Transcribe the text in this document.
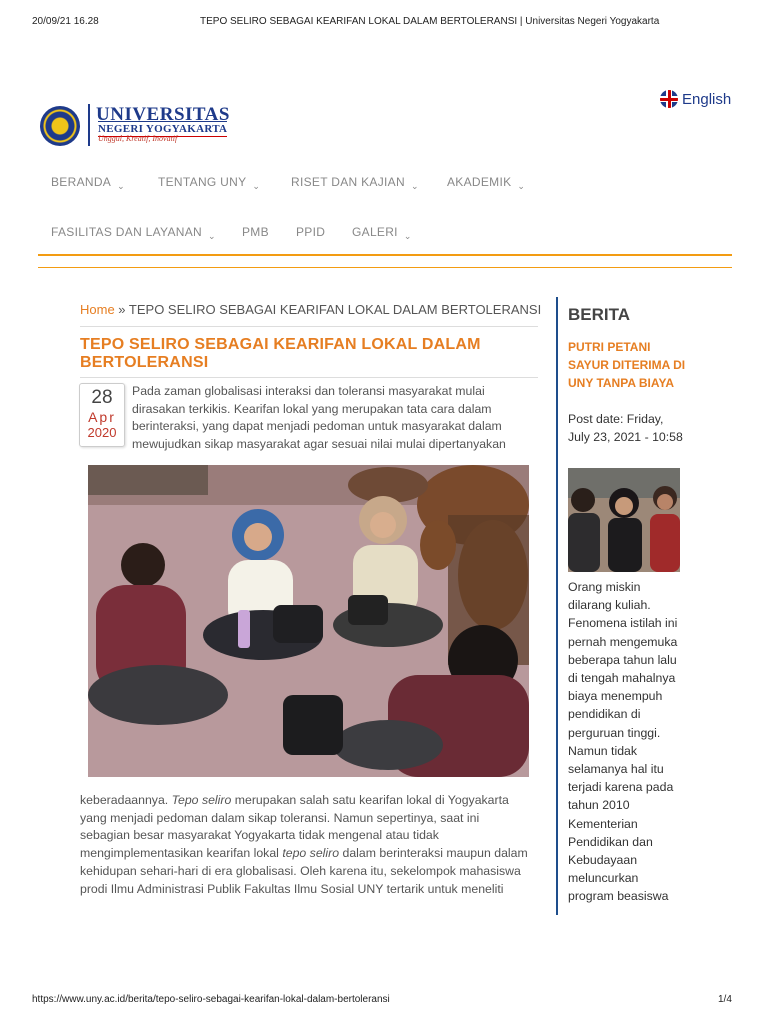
20/09/21 16.28	TEPO SELIRO SEBAGAI KEARIFAN LOKAL DALAM BERTOLERANSI | Universitas Negeri Yogyakarta
UNIVERSITAS
NEGERI YOGYAKARTA
Unggul, Kreatif, Inovatif
English
BERANDA $_⌄$	TENTANG UNY $_⌄$	RISET DAN KAJIAN $_⌄$ AKADEMIK $_⌄$
FASILITAS DAN LAYANAN $_⌄$ PMB PPID GALERI $_⌄$
Home » TEPO SELIRO SEBAGAI KEARIFAN LOKAL DALAM BERTOLERANSI
TEPO SELIRO SEBAGAI KEARIFAN LOKAL DALAM BERTOLERANSI
28
Apr
2020
Pada zaman globalisasi interaksi dan toleransi masyarakat mulai
dirasakan terkikis. Kearifan lokal yang merupakan tata cara dalam
berinteraksi, yang dapat menjadi pedoman untuk masyarakat dalam
mewujudkan sikap masyarakat agar sesuai nilai mulai dipertanyakan
keberadaannya. Tepo seliro merupakan salah satu kearifan lokal di Yogyakarta
yang menjadi pedoman dalam sikap toleransi. Namun sepertinya, saat ini
sebagian besar masyarakat Yogyakarta tidak mengenal atau tidak
mengimplementasikan kearifan lokal tepo seliro dalam berinteraksi maupun dalam
kehidupan sehari-hari di era globalisasi. Oleh karena itu, sekelompok mahasiswa
prodi Ilmu Administrasi Publik Fakultas Ilmu Sosial UNY tertarik untuk meneliti
BERITA
PUTRI PETANI SAYUR DITERIMA DI UNY TANPA BIAYA
Post date: Friday, July 23, 2021 - 10:58
Orang miskin
dilarang kuliah.
Fenomena istilah ini
pernah mengemuka
beberapa tahun lalu
di tengah mahalnya
biaya menempuh
pendidikan di
perguruan tinggi.
Namun tidak
selamanya hal itu
terjadi karena pada
tahun 2010
Kementerian
Pendidikan dan
Kebudayaan
meluncurkan
program beasiswa
https://www.uny.ac.id/berita/tepo-seliro-sebagai-kearifan-lokal-dalam-bertoleransi	1/4
